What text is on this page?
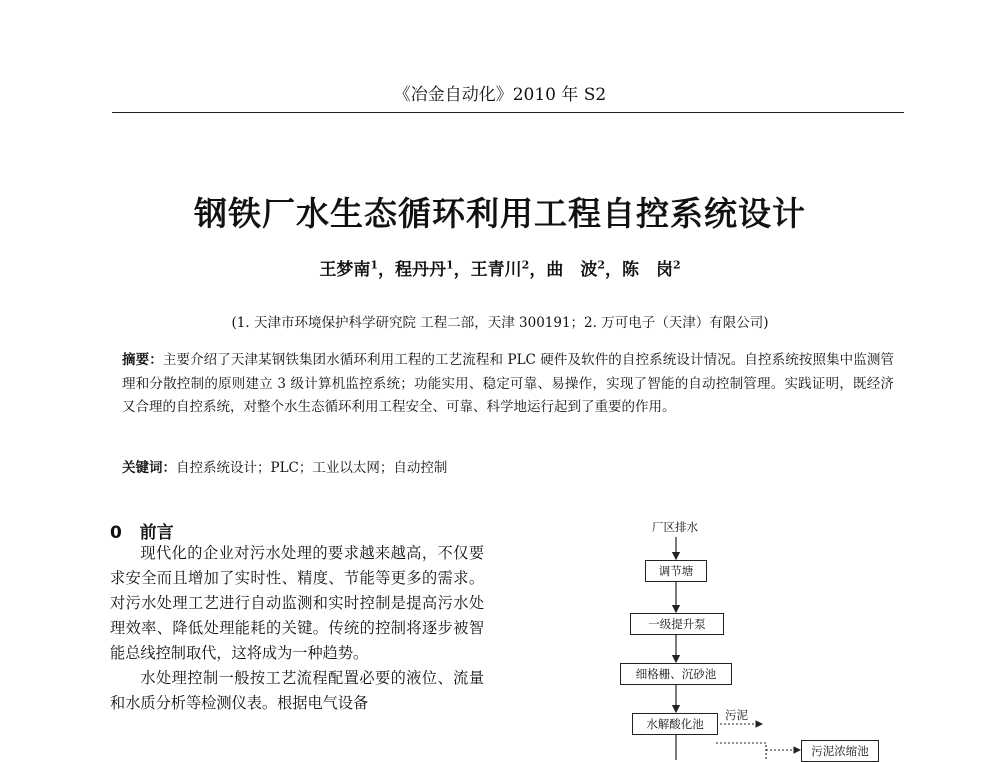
《冶金自动化》2010 年 S2
钢铁厂水生态循环利用工程自控系统设计
王梦南$^1$，程丹丹$^1$，王青川$^2$，曲　波$^2$，陈　岗$^2$
(1. 天津市环境保护科学研究院 工程二部，天津 300191；2. 万可电子（天津）有限公司)
摘要：主要介绍了天津某钢铁集团水循环利用工程的工艺流程和 PLC 硬件及软件的自控系统设计情况。自控系统按照集中监测管理和分散控制的原则建立 3 级计算机监控系统；功能实用、稳定可靠、易操作，实现了智能的自动控制管理。实践证明，既经济又合理的自控系统，对整个水生态循环利用工程安全、可靠、科学地运行起到了重要的作用。
关键词：自控系统设计；PLC；工业以太网；自动控制
0 前言

现代化的企业对污水处理的要求越来越高，不仅要求安全而且增加了实时性、精度、节能等更多的需求。对污水处理工艺进行自动监测和实时控制是提高污水处理效率、降低处理能耗的关键。传统的控制将逐步被智能总线控制取代，这将成为一种趋势。

水处理控制一般按工艺流程配置必要的液位、流量和水质分析等检测仪表。根据电气设备

厂区排水
调节塘
一级提升泵
细格栅、沉砂池
水解酸化池
污泥
污泥浓缩池
